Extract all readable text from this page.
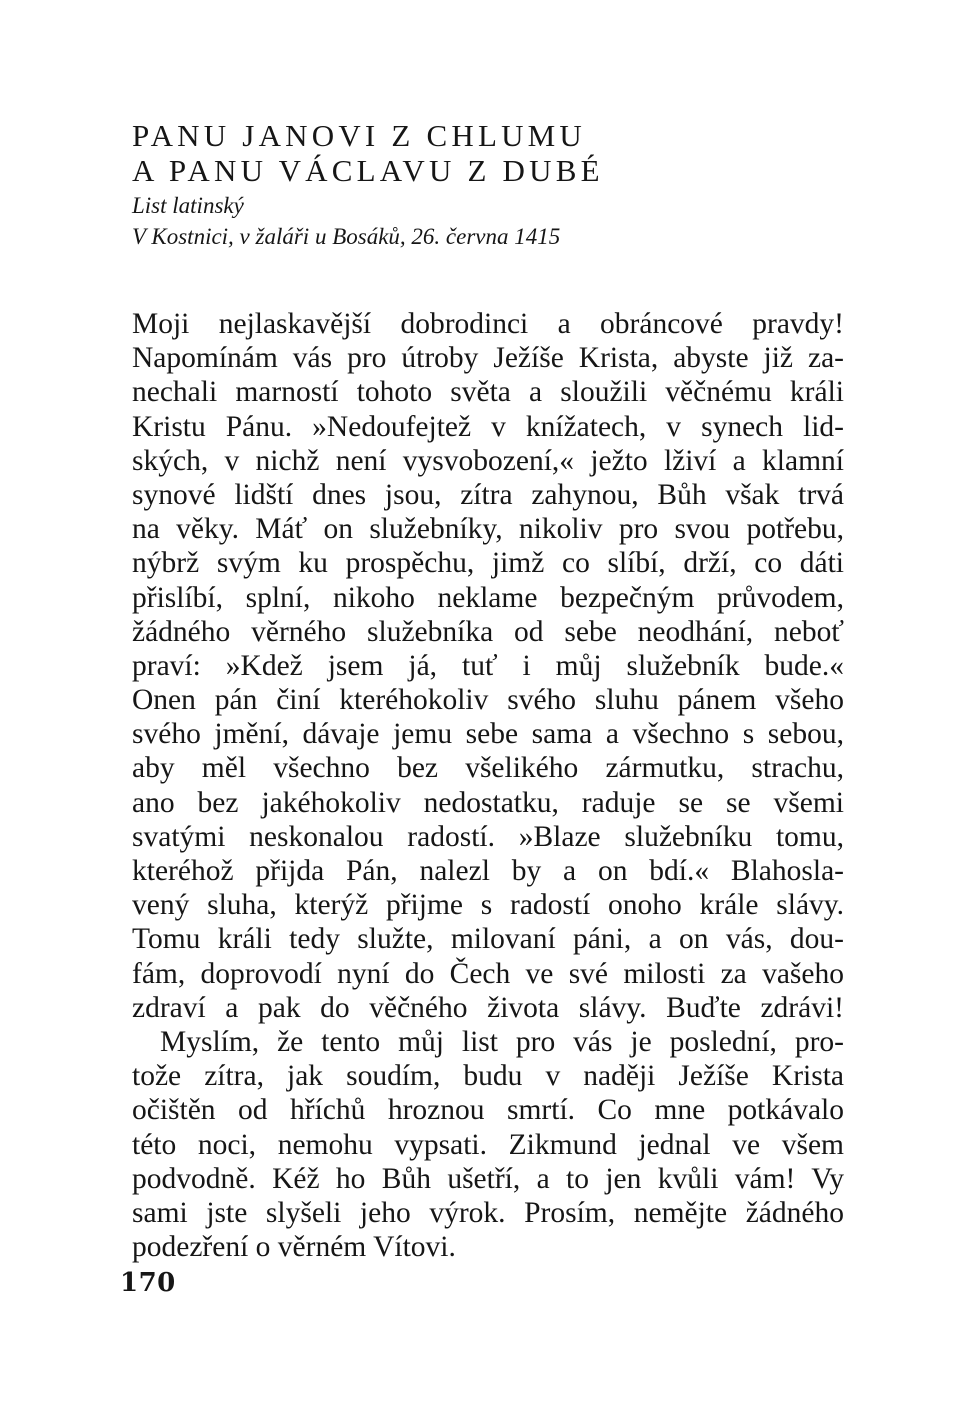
PANU JANOVI Z CHLUMU
A PANU VÁCLAVU Z DUBÉ
List latinský
V Kostnici, v žaláři u Bosáků, 26. června 1415
Moji nejlaskavější dobrodinci a obráncové pravdy!
Napomínám vás pro útroby Ježíše Krista, abyste již za-
nechali marností tohoto světa a sloužili věčnému králi
Kristu Pánu. »Nedoufejtež v knížatech, v synech lid-
ských, v nichž není vysvobození,« ježto lživí a klamní
synové lidští dnes jsou, zítra zahynou, Bůh však trvá
na věky. Máť on služebníky, nikoliv pro svou potřebu,
nýbrž svým ku prospěchu, jimž co slíbí, drží, co dáti
přislíbí, splní, nikoho neklame bezpečným průvodem,
žádného věrného služebníka od sebe neodhání, neboť
praví: »Kdež jsem já, tuť i můj služebník bude.«
Onen pán činí kteréhokoliv svého sluhu pánem všeho
svého jmění, dávaje jemu sebe sama a všechno s sebou,
aby měl všechno bez všelikého zármutku, strachu,
ano bez jakéhokoliv nedostatku, raduje se se všemi
svatými neskonalou radostí. »Blaze služebníku tomu,
kteréhož přijda Pán, nalezl by a on bdí.« Blahosla-
vený sluha, kterýž přijme s radostí onoho krále slávy.
Tomu králi tedy služte, milovaní páni, a on vás, dou-
fám, doprovodí nyní do Čech ve své milosti za vašeho
zdraví a pak do věčného života slávy. Buďte zdrávi!
Myslím, že tento můj list pro vás je poslední, pro-
tože zítra, jak soudím, budu v naději Ježíše Krista
očištěn od hříchů hroznou smrtí. Co mne potkávalo
této noci, nemohu vypsati. Zikmund jednal ve všem
podvodně. Kéž ho Bůh ušetří, a to jen kvůli vám! Vy
sami jste slyšeli jeho výrok. Prosím, nemějte žádného
podezření o věrném Vítovi.
170
